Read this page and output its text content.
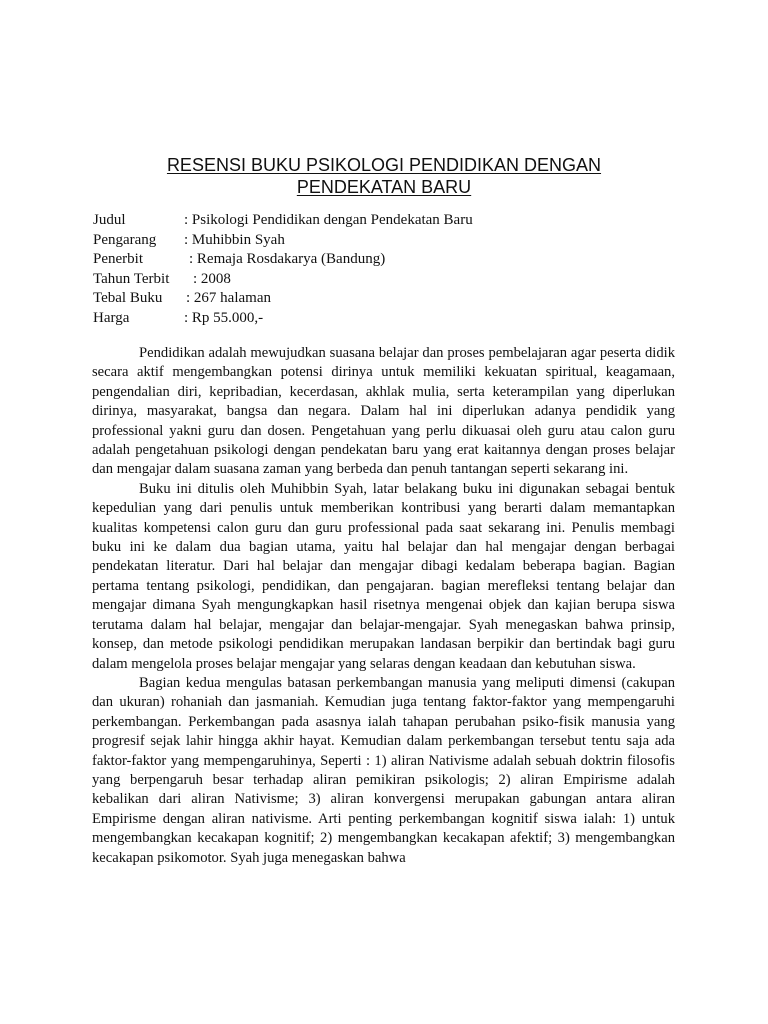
RESENSI BUKU PSIKOLOGI PENDIDIKAN DENGAN
PENDEKATAN BARU
Judul	: Psikologi Pendidikan dengan Pendekatan Baru
Pengarang : Muhibbin Syah
Penerbit	: Remaja Rosdakarya (Bandung)
Tahun Terbit : 2008
Tebal Buku : 267 halaman
Harga	: Rp 55.000,-

Pendidikan adalah mewujudkan suasana belajar dan proses pembelajaran agar peserta didik secara aktif mengembangkan potensi dirinya untuk memiliki kekuatan spiritual, keagamaan, pengendalian diri, kepribadian, kecerdasan, akhlak mulia, serta keterampilan yang diperlukan dirinya, masyarakat, bangsa dan negara. Dalam hal ini diperlukan adanya pendidik yang professional yakni guru dan dosen. Pengetahuan yang perlu dikuasai oleh guru atau calon guru adalah pengetahuan psikologi dengan pendekatan baru yang erat kaitannya dengan proses belajar dan mengajar dalam suasana zaman yang berbeda dan penuh tantangan seperti sekarang ini.

Buku ini ditulis oleh Muhibbin Syah, latar belakang buku ini digunakan sebagai bentuk kepedulian yang dari penulis untuk memberikan kontribusi yang berarti dalam memantapkan kualitas kompetensi calon guru dan guru professional pada saat sekarang ini. Penulis membagi buku ini ke dalam dua bagian utama, yaitu hal belajar dan hal mengajar dengan berbagai pendekatan literatur. Dari hal belajar dan mengajar dibagi kedalam beberapa bagian. Bagian pertama tentang psikologi, pendidikan, dan pengajaran. bagian merefleksi tentang belajar dan mengajar dimana Syah mengungkapkan hasil risetnya mengenai objek dan kajian berupa siswa terutama dalam hal belajar, mengajar dan belajar-mengajar. Syah menegaskan bahwa prinsip, konsep, dan metode psikologi pendidikan merupakan landasan berpikir dan bertindak bagi guru dalam mengelola proses belajar mengajar yang selaras dengan keadaan dan kebutuhan siswa.

Bagian kedua mengulas batasan perkembangan manusia yang meliputi dimensi (cakupan dan ukuran) rohaniah dan jasmaniah. Kemudian juga tentang faktor-faktor yang mempengaruhi perkembangan. Perkembangan pada asasnya ialah tahapan perubahan psiko-fisik manusia yang progresif sejak lahir hingga akhir hayat. Kemudian dalam perkembangan tersebut tentu saja ada faktor-faktor yang mempengaruhinya, Seperti : 1) aliran Nativisme adalah sebuah doktrin filosofis yang berpengaruh besar terhadap aliran pemikiran psikologis; 2) aliran Empirisme adalah kebalikan dari aliran Nativisme; 3) aliran konvergensi merupakan gabungan antara aliran Empirisme dengan aliran nativisme. Arti penting perkembangan kognitif siswa ialah: 1) untuk mengembangkan kecakapan kognitif; 2) mengembangkan kecakapan afektif; 3) mengembangkan kecakapan psikomotor. Syah juga menegaskan bahwa
